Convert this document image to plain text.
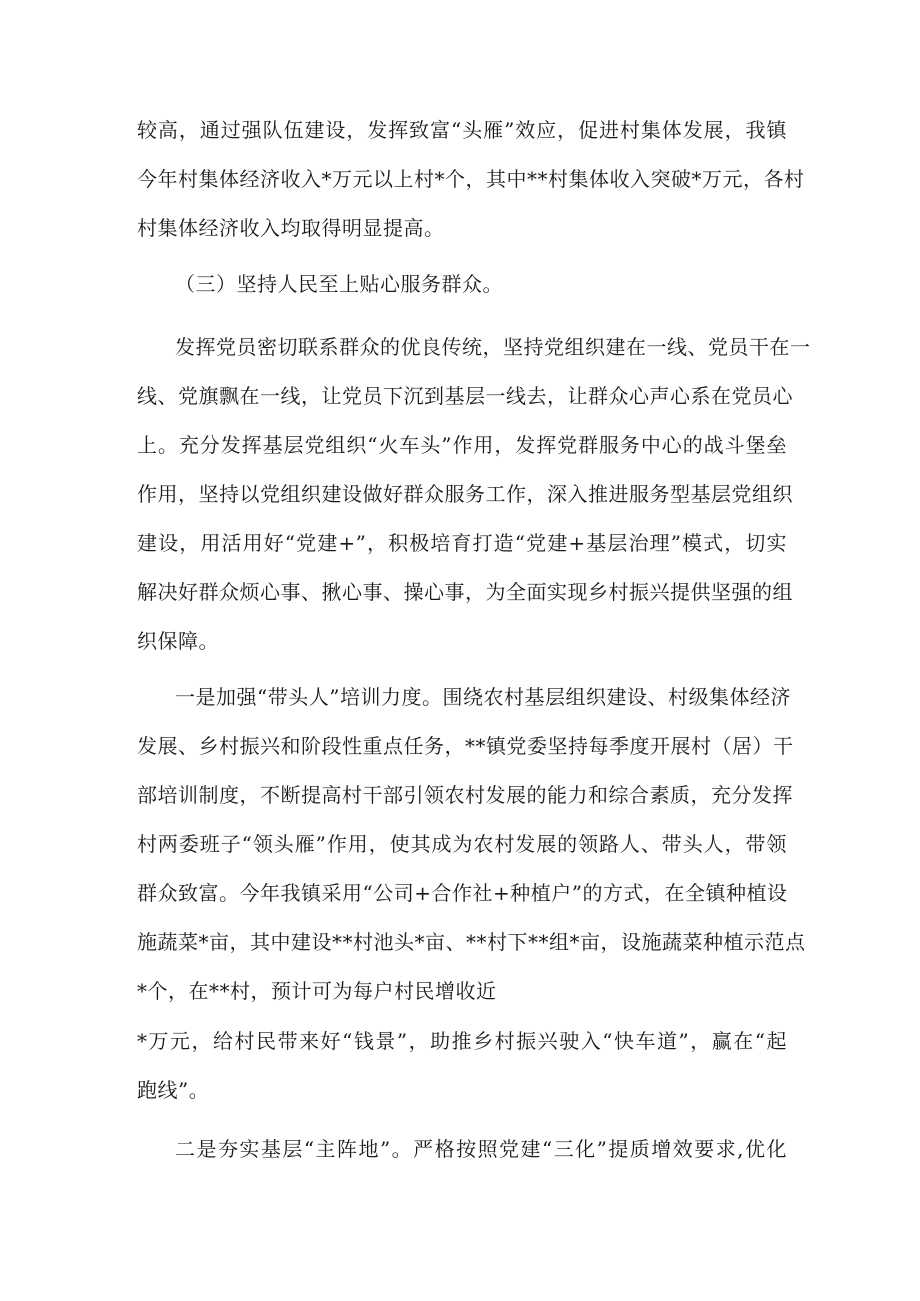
较高，通过强队伍建设，发挥致富“头雁”效应，促进村集体发展，我镇
今年村集体经济收入*万元以上村*个，其中**村集体收入突破*万元，各村
村集体经济收入均取得明显提高。
（三）坚持人民至上贴心服务群众。
发挥党员密切联系群众的优良传统，坚持党组织建在一线、党员干在一
线、党旗飘在一线，让党员下沉到基层一线去，让群众心声心系在党员心
上。充分发挥基层党组织“火车头”作用，发挥党群服务中心的战斗堡垒
作用，坚持以党组织建设做好群众服务工作，深入推进服务型基层党组织
建设，用活用好“党建+”，积极培育打造“党建+基层治理”模式，切实
解决好群众烦心事、揪心事、操心事，为全面实现乡村振兴提供坚强的组
织保障。
一是加强“带头人”培训力度。围绕农村基层组织建设、村级集体经济
发展、乡村振兴和阶段性重点任务，**镇党委坚持每季度开展村（居）干
部培训制度，不断提高村干部引领农村发展的能力和综合素质，充分发挥
村两委班子“领头雁”作用，使其成为农村发展的领路人、带头人，带领
群众致富。今年我镇采用“公司+合作社+种植户”的方式，在全镇种植设
施蔬菜*亩，其中建设**村池头*亩、**村下**组*亩，设施蔬菜种植示范点
*个，在**村，预计可为每户村民增收近
*万元，给村民带来好“钱景”，助推乡村振兴驶入“快车道”，赢在“起
跑线”。
二是夯实基层“主阵地”。严格按照党建“三化”提质增效要求,优化
